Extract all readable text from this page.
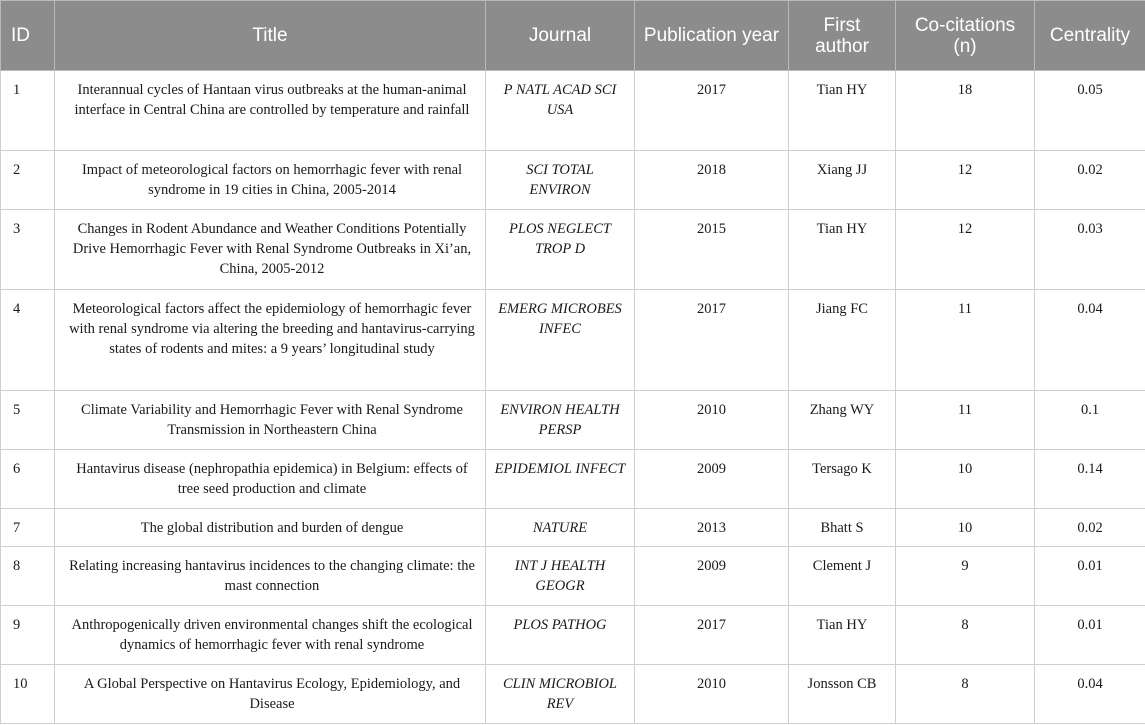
ID	Title	Journal	Publication year	First author	Co-citations (n)	Centrality
1	Interannual cycles of Hantaan virus outbreaks at the human-animal interface in Central China are controlled by temperature and rainfall	P NATL ACAD SCI USA	2017	Tian HY	18	0.05
2	Impact of meteorological factors on hemorrhagic fever with renal syndrome in 19 cities in China, 2005-2014	SCI TOTAL ENVIRON	2018	Xiang JJ	12	0.02
3	Changes in Rodent Abundance and Weather Conditions Potentially Drive Hemorrhagic Fever with Renal Syndrome Outbreaks in Xi’an, China, 2005-2012	PLOS NEGLECT TROP D	2015	Tian HY	12	0.03
4	Meteorological factors affect the epidemiology of hemorrhagic fever with renal syndrome via altering the breeding and hantavirus-carrying states of rodents and mites: a 9 years’ longitudinal study	EMERG MICROBES INFEC	2017	Jiang FC	11	0.04
5	Climate Variability and Hemorrhagic Fever with Renal Syndrome Transmission in Northeastern China	ENVIRON HEALTH PERSP	2010	Zhang WY	11	0.1
6	Hantavirus disease (nephropathia epidemica) in Belgium: effects of tree seed production and climate	EPIDEMIOL INFECT	2009	Tersago K	10	0.14
7	The global distribution and burden of dengue	NATURE	2013	Bhatt S	10	0.02
8	Relating increasing hantavirus incidences to the changing climate: the mast connection	INT J HEALTH GEOGR	2009	Clement J	9	0.01
9	Anthropogenically driven environmental changes shift the ecological dynamics of hemorrhagic fever with renal syndrome	PLOS PATHOG	2017	Tian HY	8	0.01
10	A Global Perspective on Hantavirus Ecology, Epidemiology, and Disease	CLIN MICROBIOL REV	2010	Jonsson CB	8	0.04
